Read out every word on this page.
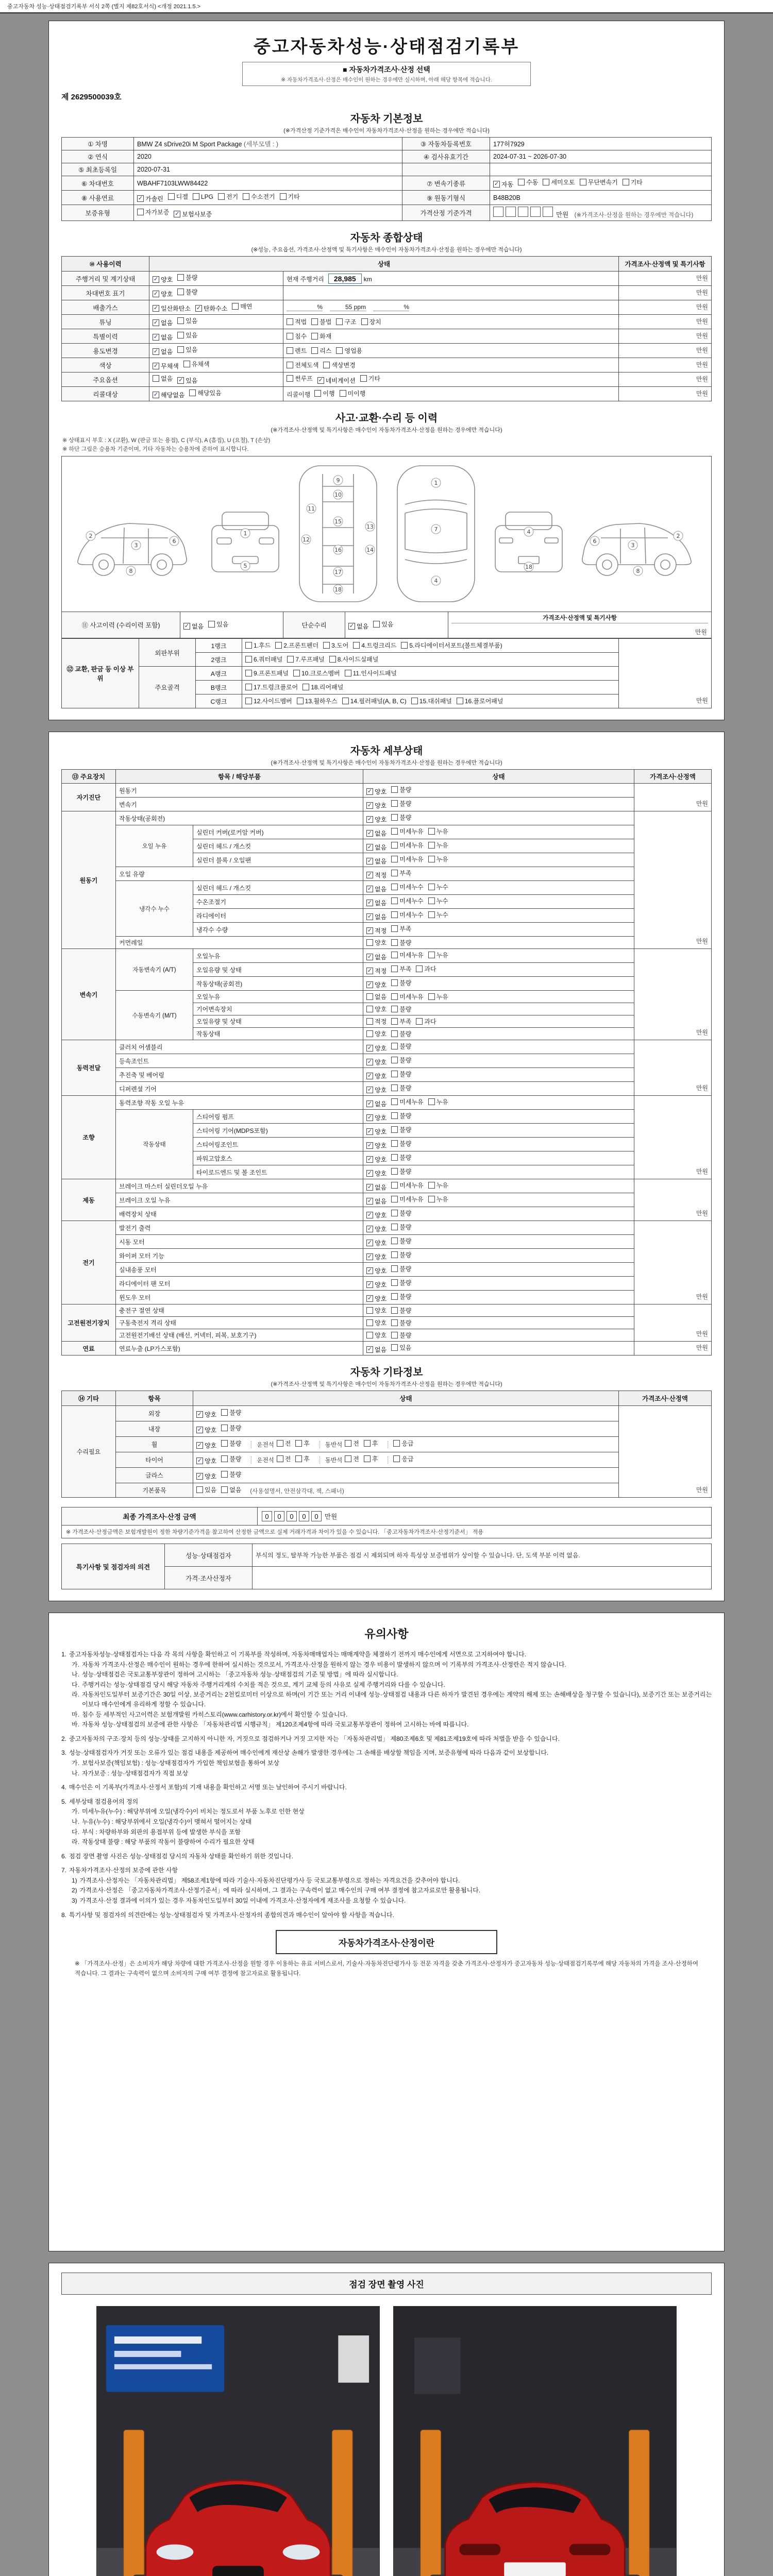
중고자동차 성능·상태점검기록부 서식 2쪽 (별지 제82호서식) <개정 2021.1.5.>
중고자동차성능·상태점검기록부
■ 자동차가격조사·산정 선택
※ 자동차가격조사·산정은 매수인이 원하는 경우에만 실시하며, 아래 해당 항목에 적습니다.
제 2629500039호
자동차 기본정보
(※가격산정 기준가격은 매수인이 자동차가격조사·산정을 원하는 경우에만 적습니다)
① 차명	BMW Z4 sDrive20i M Sport Package (세부모델 : )	③ 자동차등록번호	177허7929
② 연식	2020	④ 검사유효기간	2024-07-31 ~ 2026-07-30
⑤ 최초등록일	2020-07-31		
⑥ 차대번호	WBAHF7103LWW84422	⑦ 변속기종류	✓ 자동 수동 세미오토 무단변속기 기타

⑧ 사용연료	✓ 가솔린 디젤 LPG 전기 수소전기 기타	⑨ 원동기형식	B48B20B
보증유형	자가보증 ✓ 보험사보증	가격산정 기준가격	만원 (※가격조사·산정을 원하는 경우에만 적습니다)
자동차 종합상태
(※성능, 주요옵션, 가격조사·산정액 및 특기사항은 매수인이 자동차가격조사·산정을 원하는 경우에만 적습니다)
⑩ 사용이력	상태		가격조사·산정액 및 특기사항
주행거리 및 계기상태	✓ 양호 불량	현재 주행거리 28,985 km	만원
차대번호 표기	✓ 양호 불량		만원
배출가스	✓ 일산화탄소 ✓ 탄화수소 매연	% 55 ppm %	만원
튜닝	✓ 없음 있음	적법 불법 구조 장치	만원
특별이력	✓ 없음 있음	침수 화재	만원
용도변경	✓ 없음 있음	렌트 리스 영업용	만원
색상	✓ 무채색 유채색	전체도색 색상변경	만원
주요옵션	없음 ✓ 있음	썬루프 ✓ 네비게이션 기타	만원
리콜대상	✓ 해당없음 해당있음	리콜이행 이행 미이행	만원
사고·교환·수리 등 이력
(※가격조사·산정액 및 특기사항은 매수인이 자동차가격조사·산정을 원하는 경우에만 적습니다)
※ 상태표시 부호 : X (교환), W (판금 또는 용접), C (부식), A (흠집), U (요철), T (손상)
※ 하단 그림은 승용차 기준이며, 기타 자동차는 승용차에 준하여 표시합니다.
2
3
6
8
1
5
9
10
11
15
12
13
14
16
17
18
1
7
4
4
18
2
3
6
8
⑪ 사고이력 (수리이력 포함)	✓ 없음 있음	단순수리	✓ 없음 있음

가격조사·산정액 및 특기사항
만원
⑫ 교환, 판금 등 이상 부위	외판부위	1랭크	1.후드 2.프론트펜더 3.도어 4.트렁크리드 5.라디에이터서포트(볼트체결부품)	만원
		2랭크	6.쿼터패널 7.루프패널 8.사이드실패널	

	주요골격	A랭크	9.프론트패널 10.크로스멤버 11.인사이드패널	

		B랭크	17.트렁크플로어 18.리어패널	

		C랭크	12.사이드멤버 13.휠하우스 14.필러패널(A, B, C) 15.대쉬패널 16.플로어패널	
자동차 세부상태
(※가격조사·산정액 및 특기사항은 매수인이 자동차가격조사·산정을 원하는 경우에만 적습니다)
⑬ 주요장치	항목 / 해당부품		상태	가격조사·산정액
자기진단	원동기		✓ 양호 불량	만원
	변속기		✓ 양호 불량	

원동기	작동상태(공회전)		✓ 양호 불량	만원
	오일 누유	실린더 커버(로커암 커버)	✓ 없음 미세누유 누유	

		실린더 헤드 / 개스킷	✓ 없음 미세누유 누유	

		실린더 블록 / 오일팬	✓ 없음 미세누유 누유	

	오일 유량		✓ 적정 부족	

	냉각수 누수	실린더 헤드 / 개스킷	✓ 없음 미세누수 누수	

		수온조절기	✓ 없음 미세누수 누수	

		라디에이터	✓ 없음 미세누수 누수	

		냉각수 수량	✓ 적정 부족	

	커먼레일		양호 불량	

변속기	자동변속기 (A/T)	오일누유	✓ 없음 미세누유 누유	만원
		오일유량 및 상태	✓ 적정 부족 과다	

		작동상태(공회전)	✓ 양호 불량	

	수동변속기 (M/T)	오일누유	없음 미세누유 누유	

		기어변속장치	양호 불량	

		오일유량 및 상태	적정 부족 과다	

		작동상태	양호 불량	

동력전달	클러치 어셈블리		✓ 양호 불량	만원
	등속조인트		✓ 양호 불량	

	추진축 및 베어링		✓ 양호 불량	

	디퍼렌셜 기어		✓ 양호 불량	

조향	동력조향 작동 오일 누유		✓ 없음 미세누유 누유	만원
	작동상태	스티어링 펌프	✓ 양호 불량	

		스티어링 기어(MDPS포함)	✓ 양호 불량	

		스티어링조인트	✓ 양호 불량	

		파워고압호스	✓ 양호 불량	

		타이로드엔드 및 볼 조인트	✓ 양호 불량	

제동	브레이크 마스터 실린더오일 누유		✓ 없음 미세누유 누유	만원
	브레이크 오일 누유		✓ 없음 미세누유 누유	

	배력장치 상태		✓ 양호 불량	

전기	발전기 출력		✓ 양호 불량	만원
	시동 모터		✓ 양호 불량	

	와이퍼 모터 기능		✓ 양호 불량	

	실내송풍 모터		✓ 양호 불량	

	라디에이터 팬 모터		✓ 양호 불량	

	윈도우 모터		✓ 양호 불량	

고전원전기장치	충전구 절연 상태		양호 불량	만원
	구동축전지 격리 상태		양호 불량	

	고전원전기배선 상태 (배선, 커넥터, 피복, 보호기구)		양호 불량	

연료	연료누출 (LP가스포함)		✓ 없음 있음	만원
자동차 기타정보
(※가격조사·산정액 및 특기사항은 매수인이 자동차가격조사·산정을 원하는 경우에만 적습니다)
⑭ 기타	항목	상태	가격조사·산정액
수리필요	외장	✓ 양호 불량	만원
	내장	✓ 양호 불량	

휠	✓ 양호 불량	운전석 전 후	동반석 전 후	응급

타이어	✓ 양호 불량	운전석 전 후	동반석 전 후	응급

	글라스	✓ 양호 불량	

	기본품목	있음 없음 (사용설명서, 안전삼각대, 잭, 스패너)	
최종 가격조사·산정 금액	0 0 0 0 0 만원
※ 가격조사·산정금액은 보험개발원이 정한 차량기준가격을 참고하여 산정한 금액으로 실제 거래가격과 차이가 있을 수 있습니다. 「중고자동차가격조사·산정기준서」 적용
특기사항 및 점검자의 의견	성능·상태점검자	부식의 정도, 탈부착 가능한 부품은 점검 시 제외되며 하자 특성상 보증범위가 상이할 수 있습니다. 단, 도색 부분 이력 없음.
	가격·조사산정자	
유의사항
1. 중고자동차성능·상태점검자는 다음 각 목의 사항을 확인하고 이 기록부를 작성하며, 자동차매매업자는 매매계약을 체결하기 전까지 매수인에게 서면으로 고지하여야 합니다.
가. 자동차 가격조사·산정은 매수인이 원하는 경우에 한하여 실시하는 것으로서, 가격조사·산정을 원하지 않는 경우 비용이 발생하지 않으며 이 기록부의 가격조사·산정란은 적지 않습니다.
나. 성능·상태점검은 국토교통부장관이 정하여 고시하는 「중고자동차 성능·상태점검의 기준 및 방법」에 따라 실시합니다.
다. 주행거리는 성능·상태점검 당시 해당 자동차 주행거리계의 수치를 적은 것으로, 계기 교체 등의 사유로 실제 주행거리와 다를 수 있습니다.
라. 자동차인도일부터 보증기간은 30일 이상, 보증거리는 2천킬로미터 이상으로 하며(이 기간 또는 거리 이내에 성능·상태점검 내용과 다른 하자가 발견된 경우에는 계약의 해제 또는 손해배상을 청구할 수 있습니다), 보증기간 또는 보증거리는 이보다 매수인에게 유리하게 정할 수 있습니다.
마. 침수 등 세부적인 사고이력은 보험개발원 카히스토리(www.carhistory.or.kr)에서 확인할 수 있습니다.
바. 자동차 성능·상태점검의 보증에 관한 사항은 「자동차관리법 시행규칙」 제120조제4항에 따라 국토교통부장관이 정하여 고시하는 바에 따릅니다.
2. 중고자동차의 구조·장치 등의 성능·상태를 고지하지 아니한 자, 거짓으로 점검하거나 거짓 고지한 자는 「자동차관리법」 제80조제6호 및 제81조제19호에 따라 처벌을 받을 수 있습니다.
3. 성능·상태점검자가 거짓 또는 오류가 있는 점검 내용을 제공하여 매수인에게 재산상 손해가 발생한 경우에는 그 손해를 배상할 책임을 지며, 보증유형에 따라 다음과 같이 보상합니다.
가. 보험사보증(책임보험) : 성능·상태점검자가 가입한 책임보험을 통하여 보상
나. 자가보증 : 성능·상태점검자가 직접 보상
4. 매수인은 이 기록부(가격조사·산정서 포함)의 기재 내용을 확인하고 서명 또는 날인하여 주시기 바랍니다.
5. 세부상태 점검용어의 정의
가. 미세누유(누수) : 해당부위에 오일(냉각수)이 비치는 정도로서 부품 노후로 인한 현상
나. 누유(누수) : 해당부위에서 오일(냉각수)이 맺혀서 떨어지는 상태
다. 부식 : 차량하부와 외판의 용접부위 등에 발생한 부식을 포함
라. 작동상태 불량 : 해당 부품의 작동이 불량하여 수리가 필요한 상태
6. 점검 장면 촬영 사진은 성능·상태점검 당시의 자동차 상태를 확인하기 위한 것입니다.
7. 자동차가격조사·산정의 보증에 관한 사항
1) 가격조사·산정자는 「자동차관리법」 제58조제1항에 따라 기술사·자동차진단평가사 등 국토교통부령으로 정하는 자격요건을 갖추어야 합니다.
2) 가격조사·산정은 「중고자동차가격조사·산정기준서」에 따라 실시하며, 그 결과는 구속력이 없고 매수인의 구매 여부 결정에 참고자료로만 활용됩니다.
3) 가격조사·산정 결과에 이의가 있는 경우 자동차인도일부터 30일 이내에 가격조사·산정자에게 재조사를 요청할 수 있습니다.
8. 특기사항 및 점검자의 의견란에는 성능·상태점검자 및 가격조사·산정자의 종합의견과 매수인이 알아야 할 사항을 적습니다.
자동차가격조사·산정이란
※ 「가격조사·산정」은 소비자가 해당 차량에 대한 가격조사·산정을 원할 경우 이용하는 유료 서비스로서, 기술사·자동차진단평가사 등 전문 자격을 갖춘 가격조사·산정자가 중고자동차 성능·상태점검기록부에 해당 자동차의 가격을 조사·산정하여 적습니다. 그 결과는 구속력이 없으며 소비자의 구매 여부 결정에 참고자료로 활용됩니다.
점검 장면 촬영 사진
